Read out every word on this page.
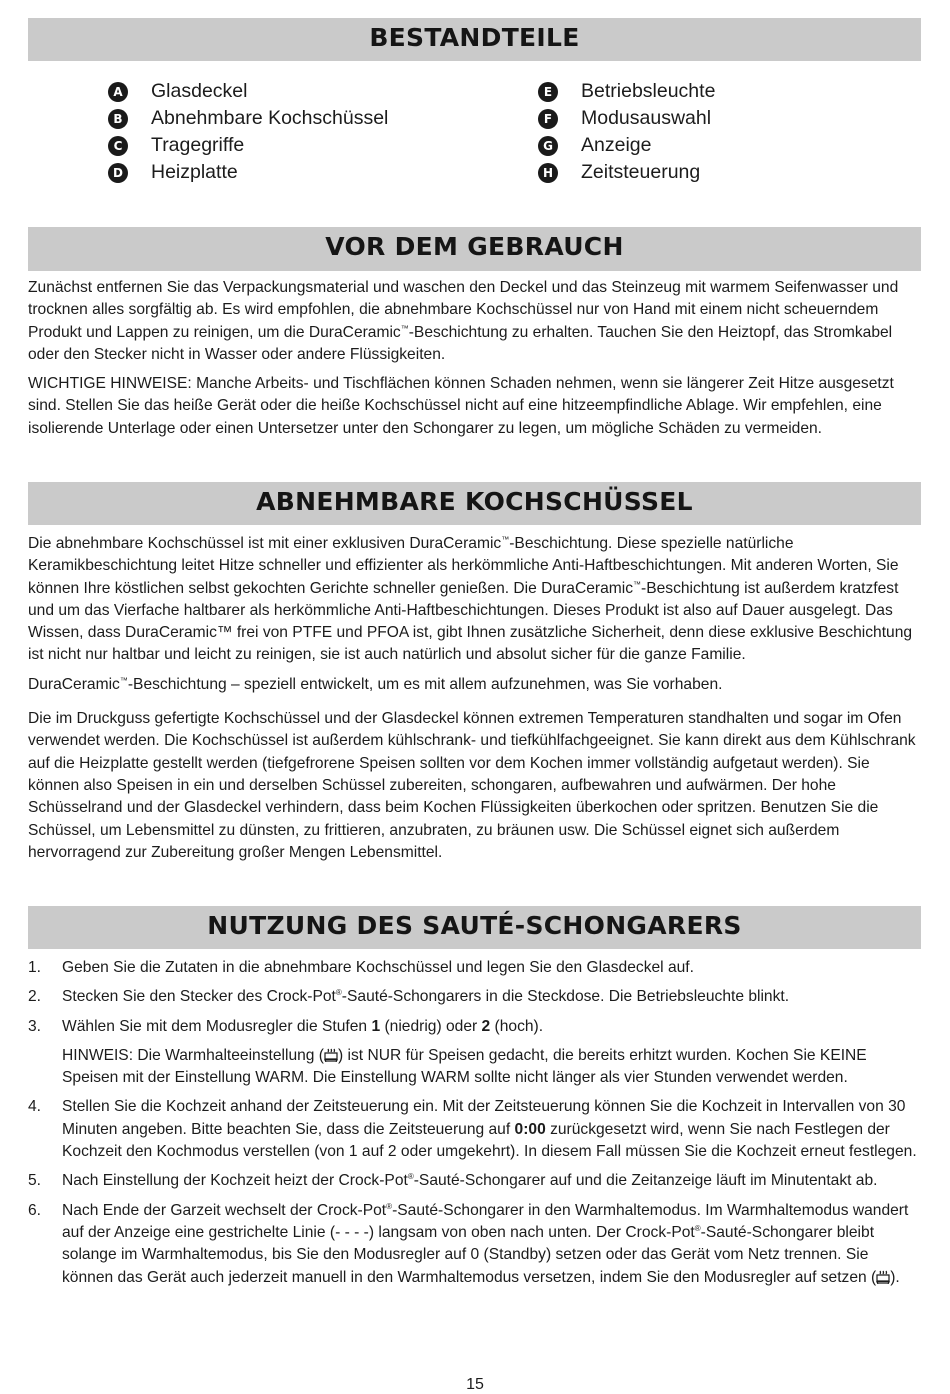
BESTANDTEILE
A Glasdeckel
B Abnehmbare Kochschüssel
C Tragegriffe
D Heizplatte
E	Betriebsleuchte
F	Modusauswahl
G Anzeige
H Zeitsteuerung
VOR DEM GEBRAUCH

Zunächst entfernen Sie das Verpackungsmaterial und waschen den Deckel und das Steinzeug mit warmem Seifenwasser und trocknen alles sorgfältig ab. Es wird empfohlen, die abnehmbare Kochschüssel nur von Hand mit einem nicht scheuerndem Produkt und Lappen zu reinigen, um die DuraCeramic™-Beschichtung zu erhalten. Tauchen Sie den Heiztopf, das Stromkabel oder den Stecker nicht in Wasser oder andere Flüssigkeiten.

WICHTIGE HINWEISE: Manche Arbeits- und Tischflächen können Schaden nehmen, wenn sie längerer Zeit Hitze ausgesetzt sind. Stellen Sie das heiße Gerät oder die heiße Kochschüssel nicht auf eine hitzeempfindliche Ablage. Wir empfehlen, eine isolierende Unterlage oder einen Untersetzer unter den Schongarer zu legen, um mögliche Schäden zu vermeiden.

ABNEHMBARE KOCHSCHÜSSEL

Die abnehmbare Kochschüssel ist mit einer exklusiven DuraCeramic™-Beschichtung. Diese spezielle natürliche Keramikbeschichtung leitet Hitze schneller und effizienter als herkömmliche Anti-Haftbeschichtungen. Mit anderen Worten, Sie können Ihre köstlichen selbst gekochten Gerichte schneller genießen. Die DuraCeramic™-Beschichtung ist außerdem kratzfest und um das Vierfache haltbarer als herkömmliche Anti-Haftbeschichtungen. Dieses Produkt ist also auf Dauer ausgelegt. Das Wissen, dass DuraCeramic™ frei von PTFE und PFOA ist, gibt Ihnen zusätzliche Sicherheit, denn diese exklusive Beschichtung ist nicht nur haltbar und leicht zu reinigen, sie ist auch natürlich und absolut sicher für die ganze Familie.

DuraCeramic™-Beschichtung – speziell entwickelt, um es mit allem aufzunehmen, was Sie vorhaben.

Die im Druckguss gefertigte Kochschüssel und der Glasdeckel können extremen Temperaturen standhalten und sogar im Ofen verwendet werden. Die Kochschüssel ist außerdem kühlschrank- und tiefkühlfachgeeignet. Sie kann direkt aus dem Kühlschrank auf die Heizplatte gestellt werden (tiefgefrorene Speisen sollten vor dem Kochen immer vollständig aufgetaut werden). Sie können also Speisen in ein und derselben Schüssel zubereiten, schongaren, aufbewahren und aufwärmen. Der hohe Schüsselrand und der Glasdeckel verhindern, dass beim Kochen Flüssigkeiten überkochen oder spritzen. Benutzen Sie die Schüssel, um Lebensmittel zu dünsten, zu frittieren, anzubraten, zu bräunen usw. Die Schüssel eignet sich außerdem hervorragend zur Zubereitung großer Mengen Lebensmittel.

NUTZUNG DES SAUTÉ-SCHONGARERS
1.	Geben Sie die Zutaten in die abnehmbare Kochschüssel und legen Sie den Glasdeckel auf.
2.	Stecken Sie den Stecker des Crock-Pot®-Sauté-Schongarers in die Steckdose. Die Betriebsleuchte blinkt.
3.	Wählen Sie mit dem Modusregler die Stufen 1 (niedrig) oder 2 (hoch).
HINWEIS: Die Warmhalteeinstellung ( ) ist NUR für Speisen gedacht, die bereits erhitzt wurden. Kochen Sie KEINE Speisen mit der Einstellung WARM. Die Einstellung WARM sollte nicht länger als vier Stunden verwendet werden.
4.	Stellen Sie die Kochzeit anhand der Zeitsteuerung ein. Mit der Zeitsteuerung können Sie die Kochzeit in Intervallen von 30 Minuten angeben. Bitte beachten Sie, dass die Zeitsteuerung auf 0:00 zurückgesetzt wird, wenn Sie nach Festlegen der Kochzeit den Kochmodus verstellen (von 1 auf 2 oder umgekehrt). In diesem Fall müssen Sie die Kochzeit erneut festlegen.
5.	Nach Einstellung der Kochzeit heizt der Crock-Pot®-Sauté-Schongarer auf und die Zeitanzeige läuft im Minutentakt ab.
6.	Nach Ende der Garzeit wechselt der Crock-Pot®-Sauté-Schongarer in den Warmhaltemodus. Im Warmhaltemodus wandert auf der Anzeige eine gestrichelte Linie (- - - -) langsam von oben nach unten. Der Crock-Pot®-Sauté-Schongarer bleibt solange im Warmhaltemodus, bis Sie den Modusregler auf 0 (Standby) setzen oder das Gerät vom Netz trennen. Sie können das Gerät auch jederzeit manuell in den Warmhaltemodus versetzen, indem Sie den Modusregler auf setzen ( ).
15
